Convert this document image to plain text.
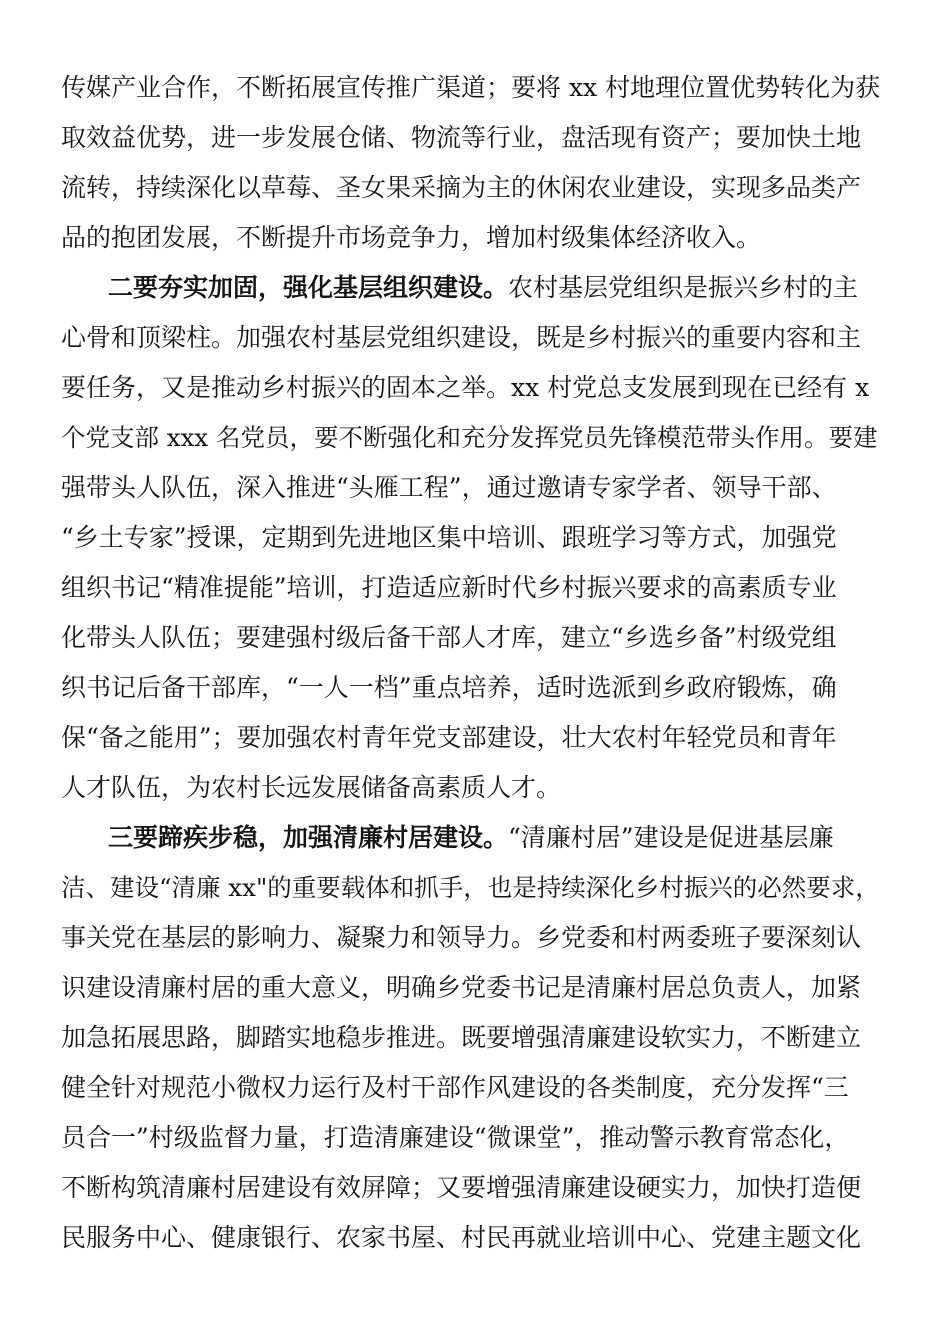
传媒产业合作，不断拓展宣传推广渠道；要将 xx 村地理位置优势转化为获
取效益优势，进一步发展仓储、物流等行业，盘活现有资产；要加快土地
流转，持续深化以草莓、圣女果采摘为主的休闲农业建设，实现多品类产
品的抱团发展，不断提升市场竞争力，增加村级集体经济收入。
二要夯实加固，强化基层组织建设。农村基层党组织是振兴乡村的主
心骨和顶梁柱。加强农村基层党组织建设，既是乡村振兴的重要内容和主
要任务，又是推动乡村振兴的固本之举。xx 村党总支发展到现在已经有 x
个党支部 xxx 名党员，要不断强化和充分发挥党员先锋模范带头作用。要建
强带头人队伍，深入推进“头雁工程”，通过邀请专家学者、领导干部、
“乡土专家”授课，定期到先进地区集中培训、跟班学习等方式，加强党
组织书记“精准提能”培训，打造适应新时代乡村振兴要求的高素质专业
化带头人队伍；要建强村级后备干部人才库，建立“乡选乡备”村级党组
织书记后备干部库，“一人一档”重点培养，适时选派到乡政府锻炼，确
保“备之能用”；要加强农村青年党支部建设，壮大农村年轻党员和青年
人才队伍，为农村长远发展储备高素质人才。
三要蹄疾步稳，加强清廉村居建设。“清廉村居”建设是促进基层廉
洁、建设“清廉 xx"的重要载体和抓手，也是持续深化乡村振兴的必然要求，
事关党在基层的影响力、凝聚力和领导力。乡党委和村两委班子要深刻认
识建设清廉村居的重大意义，明确乡党委书记是清廉村居总负责人，加紧
加急拓展思路，脚踏实地稳步推进。既要增强清廉建设软实力，不断建立
健全针对规范小微权力运行及村干部作风建设的各类制度，充分发挥“三
员合一”村级监督力量，打造清廉建设“微课堂”，推动警示教育常态化，
不断构筑清廉村居建设有效屏障；又要增强清廉建设硬实力，加快打造便
民服务中心、健康银行、农家书屋、村民再就业培训中心、党建主题文化
